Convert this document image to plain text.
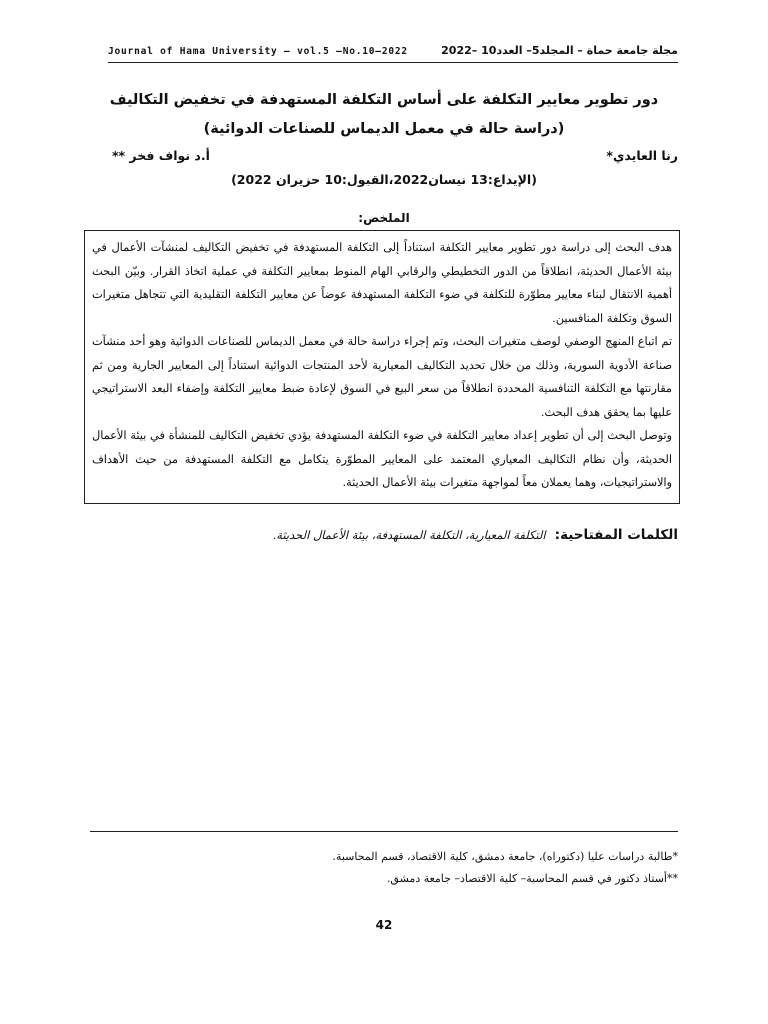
Journal of Hama University – vol.5 –No.10–2022	مجلة جامعة حماة – المجلد5– العدد10 –2022
دور تطوير معايير التكلفة على أساس التكلفة المستهدفة في تخفيض التكاليف
(دراسة حالة في معمل الديماس للصناعات الدوائية)
رنا العايدي*
أ.د نواف فخر **
(الإيداع:13 نيسان2022،القبول:10 حزيران 2022)
الملخص:

هدف البحث إلى دراسة دور تطوير معايير التكلفة استناداً إلى التكلفة المستهدفة في تخفيض التكاليف لمنشآت الأعمال في بيئة الأعمال الحديثة، انطلاقاً من الدور التخطيطي والرقابي الهام المنوط بمعايير التكلفة في عملية اتخاذ القرار. وبيّن البحث أهمية الانتقال لبناء معايير مطوّرة للتكلفة في ضوء التكلفة المستهدفة عوضاً عن معايير التكلفة التقليدية التي تتجاهل متغيرات السوق وتكلفة المنافسين.

تم اتباع المنهج الوصفي لوصف متغيرات البحث، وتم إجراء دراسة حالة في معمل الديماس للصناعات الدوائية وهو أحد منشآت صناعة الأدوية السورية، وذلك من خلال تحديد التكاليف المعيارية لأحد المنتجات الدوائية استناداً إلى المعايير الجارية ومن ثم مقارنتها مع التكلفة التنافسية المحددة انطلاقاً من سعر البيع في السوق لإعادة ضبط معايير التكلفة وإضفاء البعد الاستراتيجي عليها بما يحقق هدف البحث.

وتوصل البحث إلى أن تطوير إعداد معايير التكلفة في ضوء التكلفة المستهدفة يؤدي تخفيض التكاليف للمنشأة في بيئة الأعمال الحديثة، وأن نظام التكاليف المعياري المعتمد على المعايير المطوّرة يتكامل مع التكلفة المستهدفة من حيث الأهداف والاستراتيجيات، وهما يعملان معاً لمواجهة متغيرات بيئة الأعمال الحديثة.

الكلمات المفتاحية: التكلفة المعيارية، التكلفة المستهدفة، بيئة الأعمال الحديثة.
*طالبة دراسات عليا (دكتوراه)، جامعة دمشق، كلية الاقتصاد، قسم المحاسبة.
**أستاذ دكتور في قسم المحاسبة– كلية الاقتصاد– جامعة دمشق.
42
